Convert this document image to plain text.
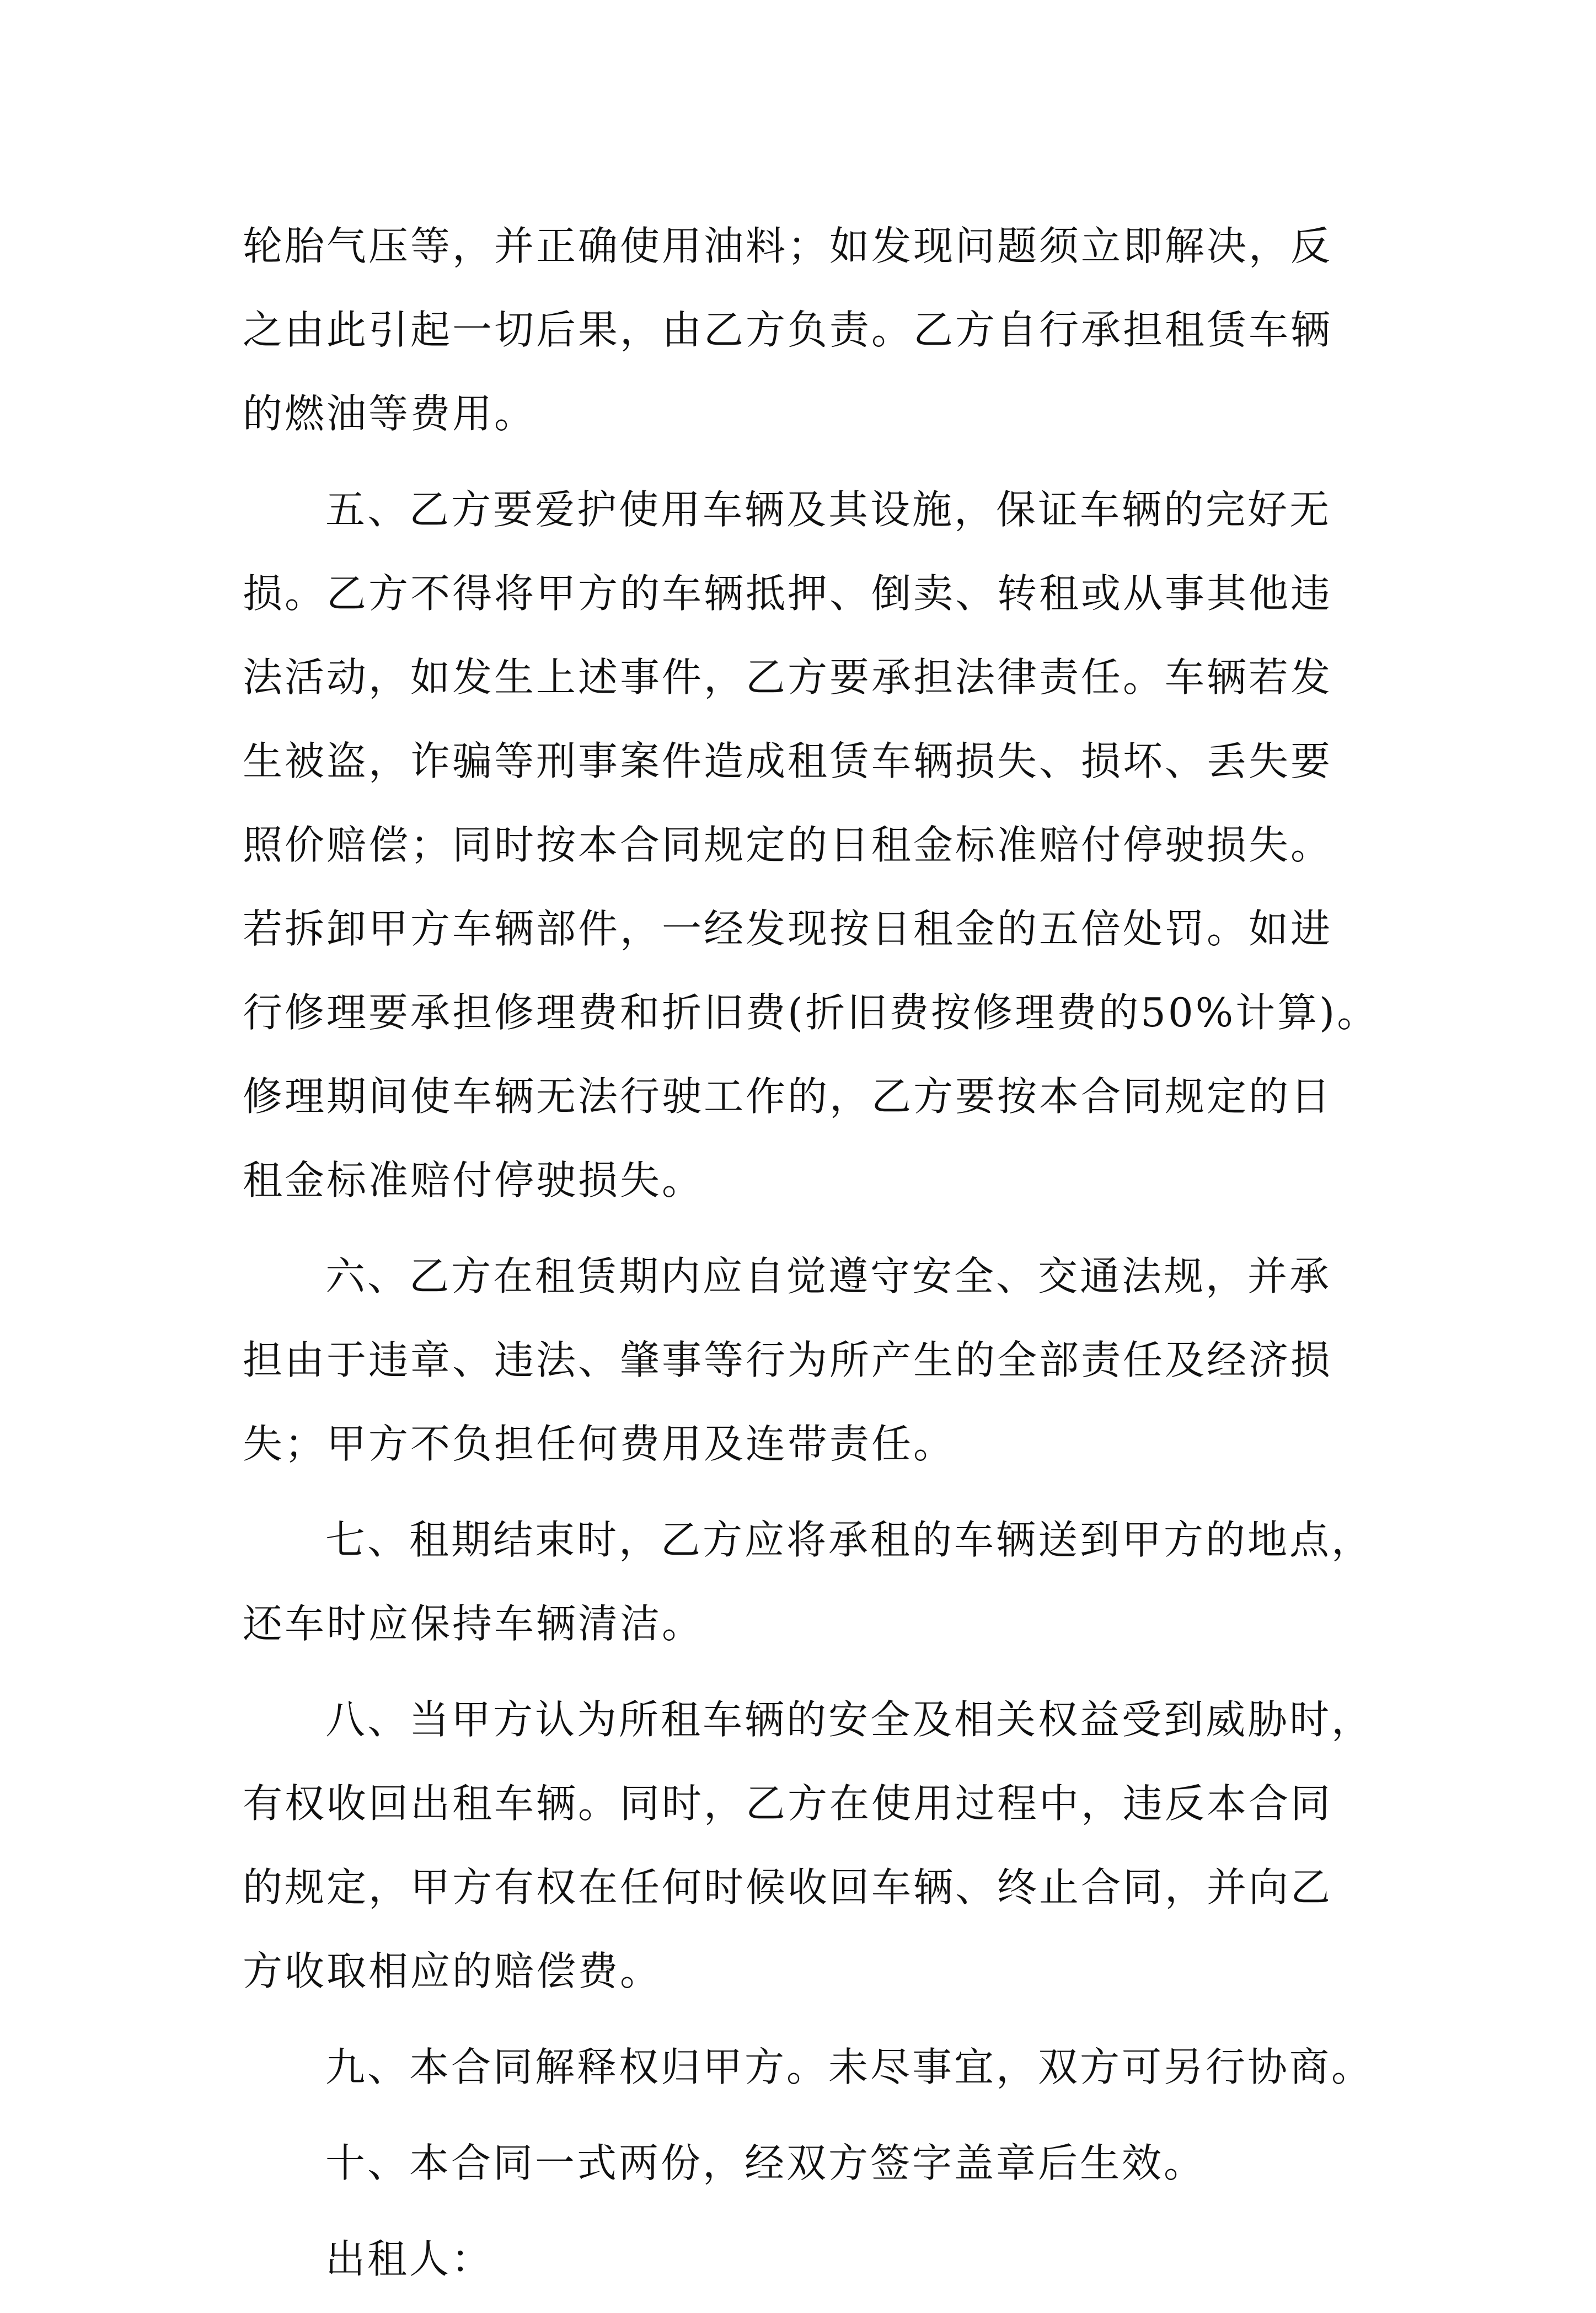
轮胎气压等，并正确使用油料；如发现问题须立即解决，反
之由此引起一切后果，由乙方负责。乙方自行承担租赁车辆
的燃油等费用。
五、乙方要爱护使用车辆及其设施，保证车辆的完好无
损。乙方不得将甲方的车辆抵押、倒卖、转租或从事其他违
法活动，如发生上述事件，乙方要承担法律责任。车辆若发
生被盗，诈骗等刑事案件造成租赁车辆损失、损坏、丢失要
照价赔偿；同时按本合同规定的日租金标准赔付停驶损失。
若拆卸甲方车辆部件，一经发现按日租金的五倍处罚。如进
行修理要承担修理费和折旧费(折旧费按修理费的50%计算)。
修理期间使车辆无法行驶工作的，乙方要按本合同规定的日
租金标准赔付停驶损失。
六、乙方在租赁期内应自觉遵守安全、交通法规，并承
担由于违章、违法、肇事等行为所产生的全部责任及经济损
失；甲方不负担任何费用及连带责任。
七、租期结束时，乙方应将承租的车辆送到甲方的地点，
还车时应保持车辆清洁。
八、当甲方认为所租车辆的安全及相关权益受到威胁时，
有权收回出租车辆。同时，乙方在使用过程中，违反本合同
的规定，甲方有权在任何时候收回车辆、终止合同，并向乙
方收取相应的赔偿费。
九、本合同解释权归甲方。未尽事宜，双方可另行协商。
十、本合同一式两份，经双方签字盖章后生效。
出租人：
